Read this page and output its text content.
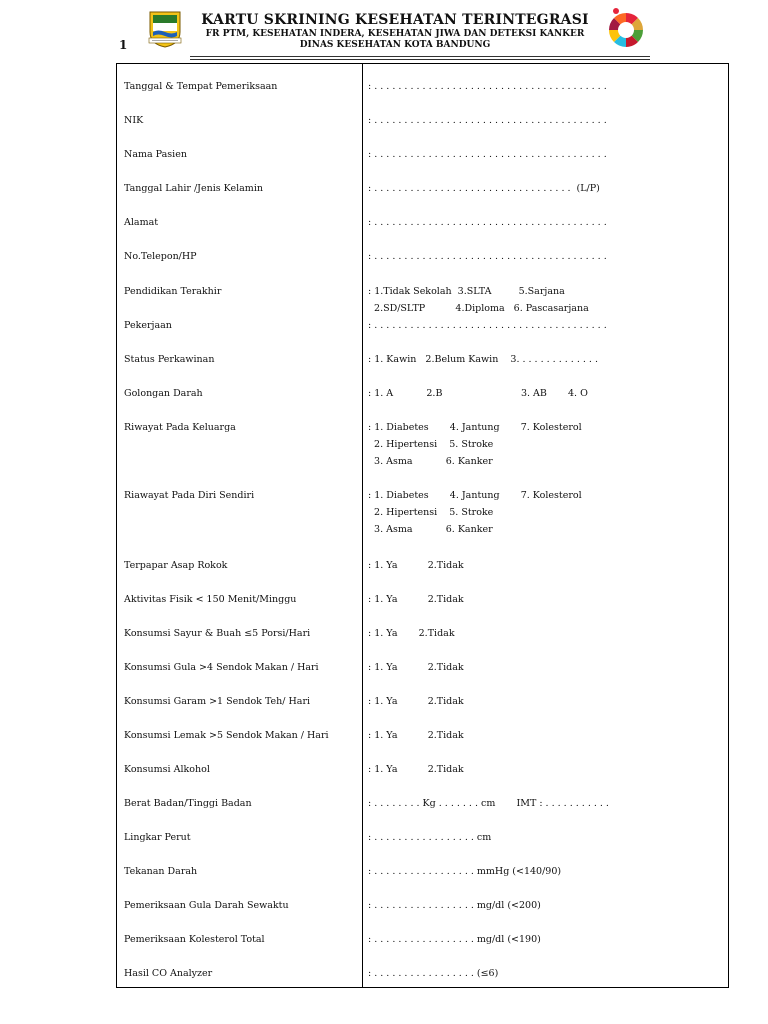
1
KARTU SKRINING KESEHATAN TERINTEGRASI
FR PTM, KESEHATAN INDERA, KESEHATAN JIWA DAN DETEKSI KANKER
DINAS KESEHATAN KOTA BANDUNG
Tanggal & Tempat Pemeriksaan	: . . . . . . . . . . . . . . . . . . . . . . . . . . . . . . . . . . . . . . .
NIK	: . . . . . . . . . . . . . . . . . . . . . . . . . . . . . . . . . . . . . . .
Nama Pasien	: . . . . . . . . . . . . . . . . . . . . . . . . . . . . . . . . . . . . . . .
Tanggal Lahir /Jenis Kelamin	: . . . . . . . . . . . . . . . . . . . . . . . . . . . . . . . . .  (L/P)
Alamat	: . . . . . . . . . . . . . . . . . . . . . . . . . . . . . . . . . . . . . . .
No.Telepon/HP	: . . . . . . . . . . . . . . . . . . . . . . . . . . . . . . . . . . . . . . .
Pendidikan Terakhir	: 1.Tidak Sekolah  3.SLTA         5.Sarjana
2.SD/SLTP          4.Diploma   6. Pascasarjana
Pekerjaan	: . . . . . . . . . . . . . . . . . . . . . . . . . . . . . . . . . . . . . . .
Status Perkawinan	: 1. Kawin   2.Belum Kawin    3. . . . . . . . . . . . . .
Golongan Darah	: 1. A           2.B                          3. AB       4. O
Riwayat Pada Keluarga	: 1. Diabetes       4. Jantung       7. Kolesterol
2. Hipertensi    5. Stroke
3. Asma           6. Kanker
Riawayat Pada Diri Sendiri	: 1. Diabetes       4. Jantung       7. Kolesterol
2. Hipertensi    5. Stroke
3. Asma           6. Kanker
Terpapar Asap Rokok	: 1. Ya          2.Tidak
Aktivitas Fisik < 150 Menit/Minggu	: 1. Ya          2.Tidak
Konsumsi Sayur & Buah ≤5 Porsi/Hari	: 1. Ya       2.Tidak
Konsumsi Gula >4 Sendok Makan / Hari	: 1. Ya          2.Tidak
Konsumsi Garam >1 Sendok Teh/ Hari	: 1. Ya          2.Tidak
Konsumsi Lemak >5 Sendok Makan / Hari	: 1. Ya          2.Tidak
Konsumsi Alkohol	: 1. Ya          2.Tidak
Berat Badan/Tinggi Badan	: . . . . . . . . Kg . . . . . . . cm       IMT : . . . . . . . . . . .
Lingkar Perut	: . . . . . . . . . . . . . . . . . cm
Tekanan Darah	: . . . . . . . . . . . . . . . . . mmHg (<140/90)
Pemeriksaan Gula Darah Sewaktu	: . . . . . . . . . . . . . . . . . mg/dl (<200)
Pemeriksaan Kolesterol Total	: . . . . . . . . . . . . . . . . . mg/dl (<190)
Hasil CO Analyzer	: . . . . . . . . . . . . . . . . . (≤6)
